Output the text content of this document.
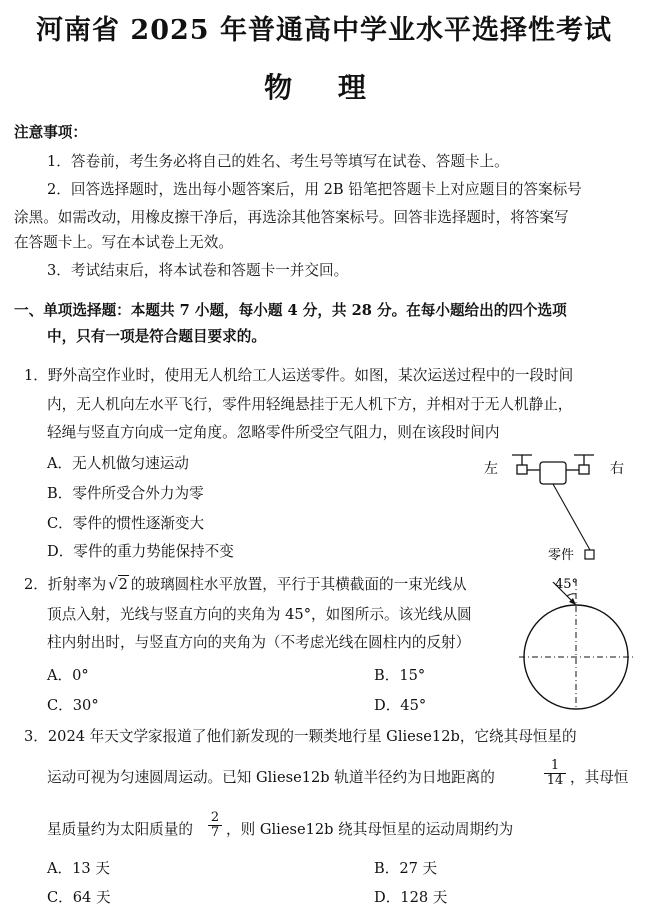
河南省 2025 年普通高中学业水平选择性考试
物 理
注意事项：
1．答卷前，考生务必将自己的姓名、考生号等填写在试卷、答题卡上。
2．回答选择题时，选出每小题答案后，用 2B 铅笔把答题卡上对应题目的答案标号
涂黑。如需改动，用橡皮擦干净后，再选涂其他答案标号。回答非选择题时，将答案写
在答题卡上。写在本试卷上无效。
3．考试结束后，将本试卷和答题卡一并交回。
一、单项选择题：本题共 7 小题，每小题 4 分，共 28 分。在每小题给出的四个选项
中，只有一项是符合题目要求的。
1．野外高空作业时，使用无人机给工人运送零件。如图，某次运送过程中的一段时间
内，无人机向左水平飞行，零件用轻绳悬挂于无人机下方，并相对于无人机静止，
轻绳与竖直方向成一定角度。忽略零件所受空气阻力，则在该段时间内
A．无人机做匀速运动
B．零件所受合外力为零
C．零件的惯性逐渐变大
D．零件的重力势能保持不变
左	右
零件
2．折射率为 √2 的玻璃圆柱水平放置，平行于其横截面的一束光线从
顶点入射，光线与竖直方向的夹角为 45°，如图所示。该光线从圆
柱内射出时，与竖直方向的夹角为（不考虑光线在圆柱内的反射）
A．0°	B．15°
C．30°	D．45°
45°
3．2024 年天文学家报道了他们新发现的一颗类地行星 Gliese12b，它绕其母恒星的
运动可视为匀速圆周运动。已知 Gliese12b 轨道半径约为日地距离的	$\frac{1}{14}$ ，其母恒
星质量约为太阳质量的 $\frac{2}{7}$ ，则 Gliese12b 绕其母恒星的运动周期约为
A．13 天	B．27 天
C．64 天	D．128 天
